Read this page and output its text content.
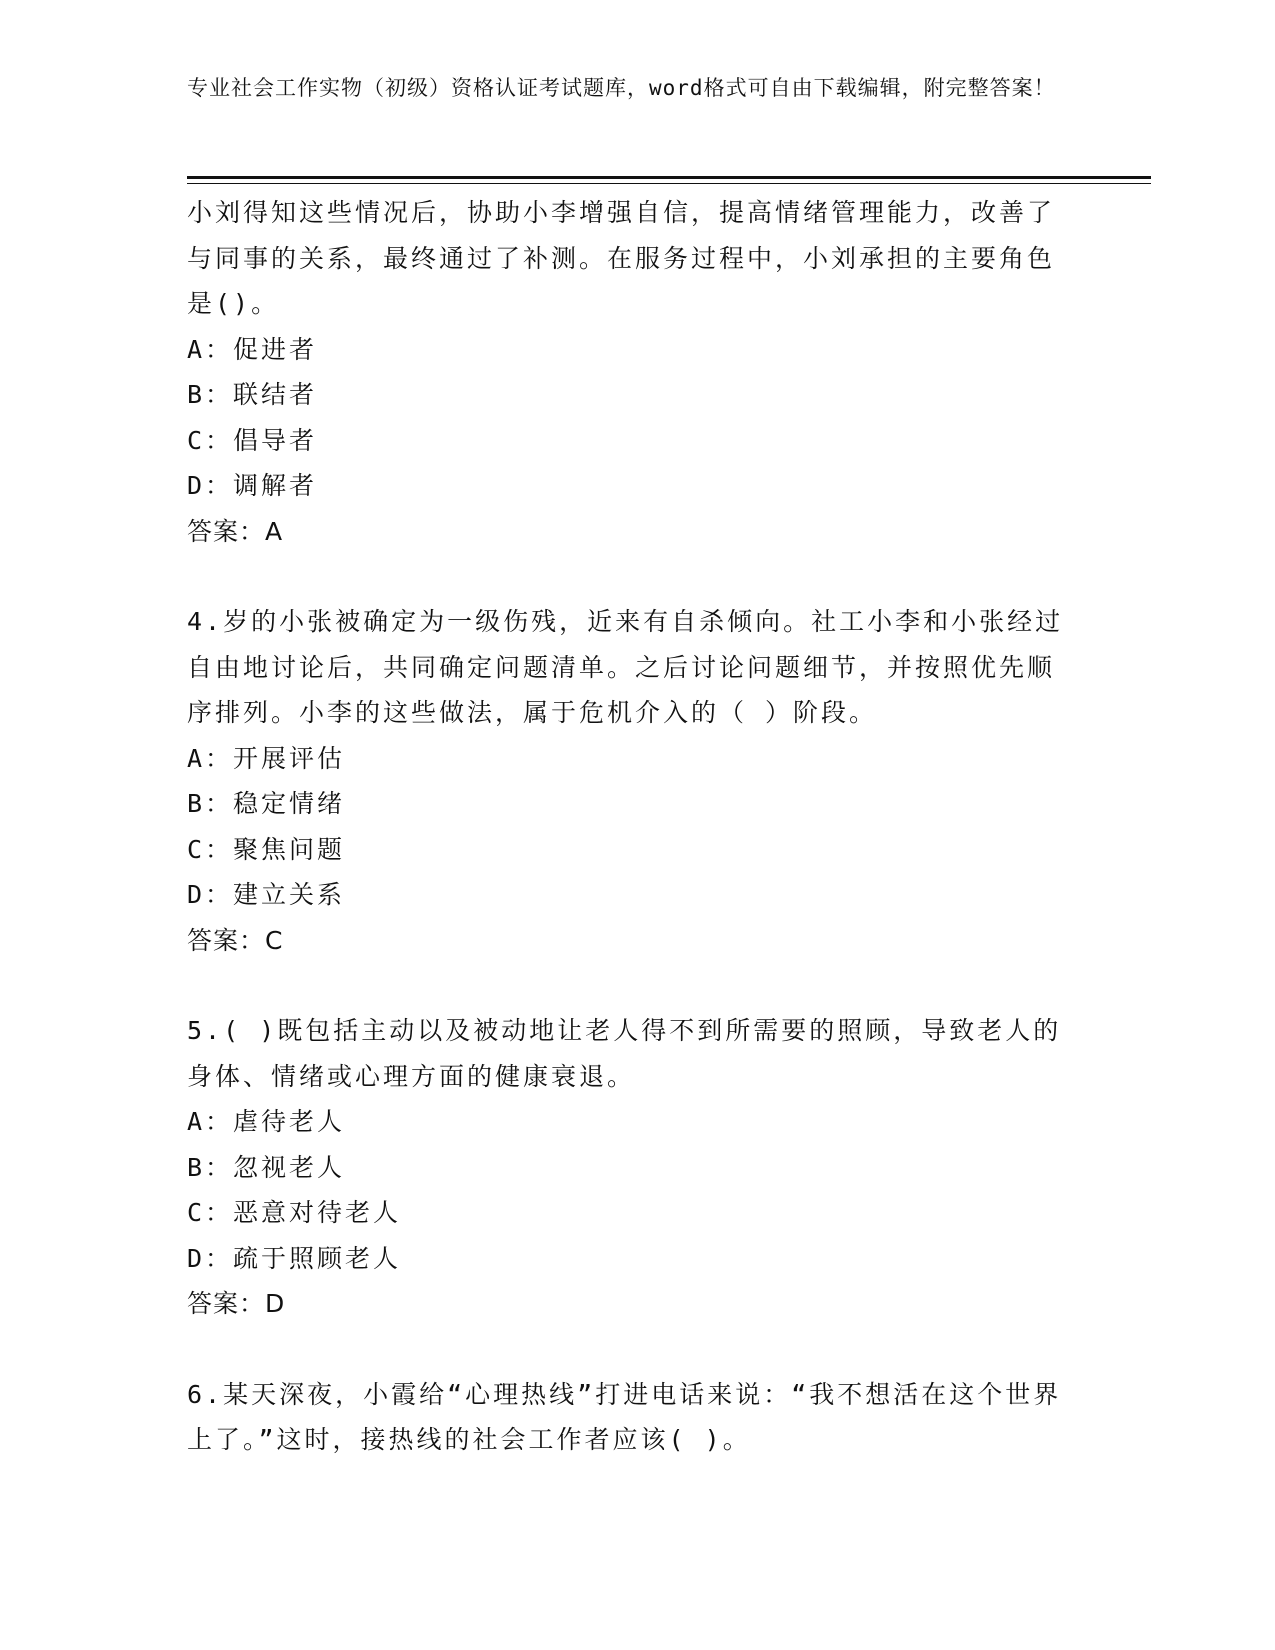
专业社会工作实物（初级）资格认证考试题库，word格式可自由下载编辑，附完整答案！

小刘得知这些情况后，协助小李增强自信，提高情绪管理能力，改善了与同事的关系，最终通过了补测。在服务过程中，小刘承担的主要角色是()。

A：促进者

B：联结者

C：倡导者

D：调解者

答案：A

4.岁的小张被确定为一级伤残，近来有自杀倾向。社工小李和小张经过自由地讨论后，共同确定问题清单。之后讨论问题细节，并按照优先顺序排列。小李的这些做法，属于危机介入的（ ）阶段。

A：开展评估

B：稳定情绪

C：聚焦问题

D：建立关系

答案：C

5.( )既包括主动以及被动地让老人得不到所需要的照顾，导致老人的身体、情绪或心理方面的健康衰退。

A：虐待老人

B：忽视老人

C：恶意对待老人

D：疏于照顾老人

答案：D

6.某天深夜，小霞给“心理热线”打进电话来说：“我不想活在这个世界上了。”这时，接热线的社会工作者应该( )。
